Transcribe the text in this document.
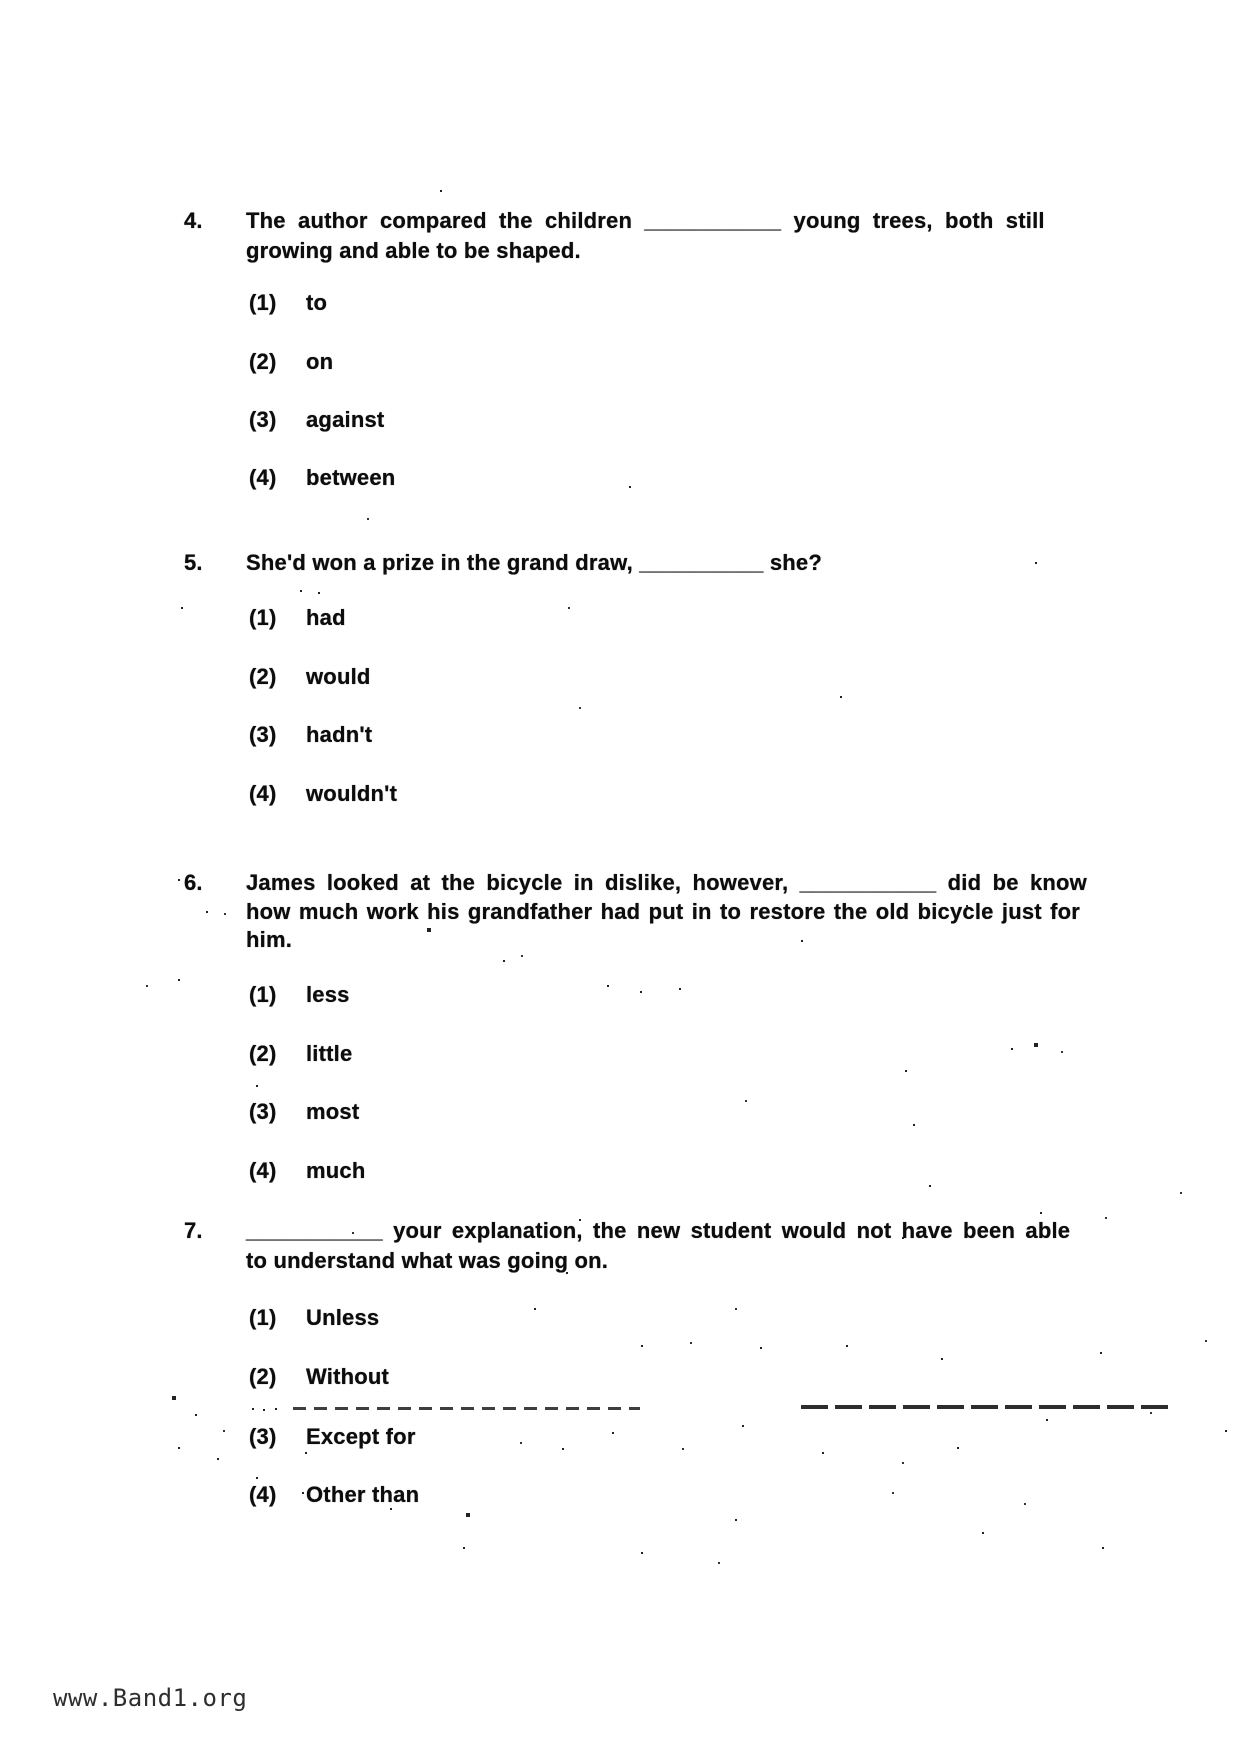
4.	The author compared the children ___________ young trees, both still
growing and able to be shaped.
(1)	to
(2)	on
(3)	against
(4)	between
5.	She'd won a prize in the grand draw, __________ she?
(1)	had
(2)	would
(3)	hadn't
(4)	wouldn't
6.	James looked at the bicycle in dislike, however, ___________ did be know
how much work his grandfather had put in to restore the old bicycle just for
him.
(1)	less
(2)	little
(3)	most
(4)	much
7.	___________ your explanation, the new student would not have been able
to understand what was going on.
(1)	Unless
(2)	Without
(3)	Except for
(4)	Other than
www.Band1.org
